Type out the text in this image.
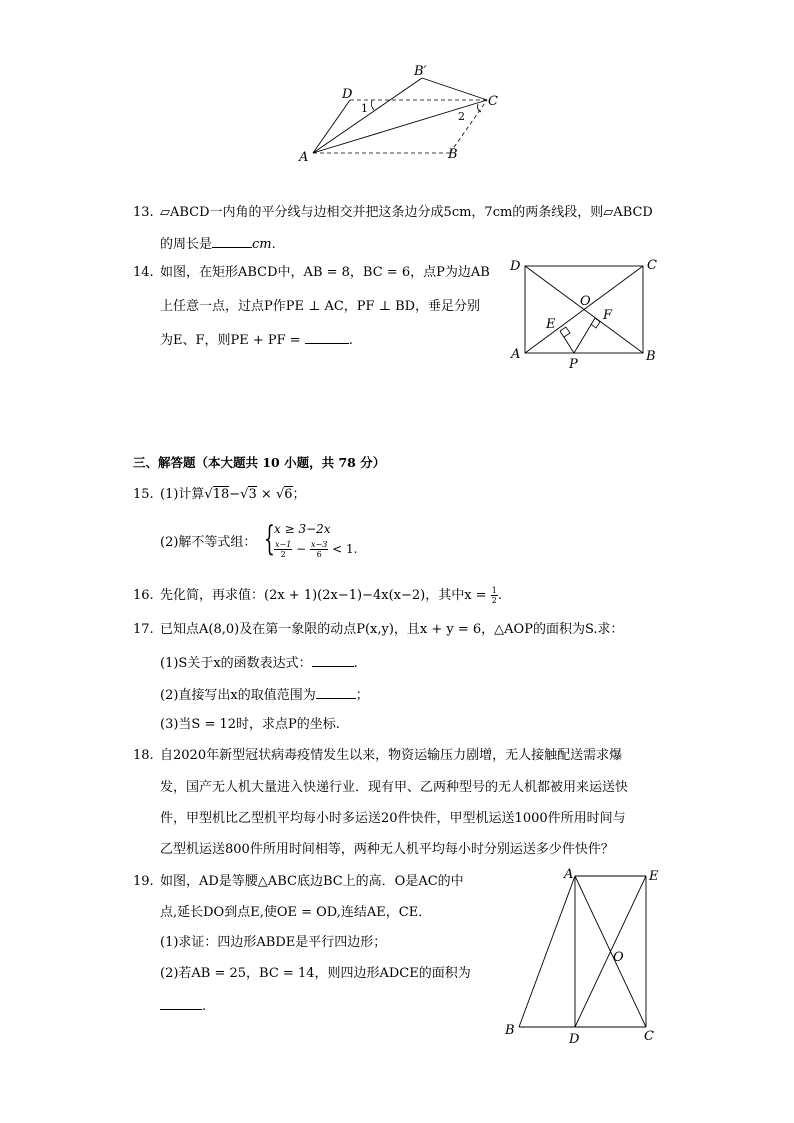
D
B′
C
A	B
1
2
13. ▱ABCD一内角的平分线与边相交并把这条边分成5cm，7cm的两条线段，则▱ABCD
的周长是	cm.
14. 如图，在矩形ABCD中，AB = 8，BC = 6，点P为边AB
上任意一点，过点P作PE ⊥ AC，PF ⊥ BD，垂足分别
为E、F，则PE + PF =	.
D	C
O
E
F
A	B
P
三、解答题（本大题共 10 小题，共 78 分）
15. (1)计算√18−√3 × √6；
(2)解不等式组： { x ≥ 3−2x
$\frac{x-1}{2} - \frac{x-3}{6} < 1$.
16. 先化简，再求值：(2x + 1)(2x−1)−4x(x−2)，其中$x = \frac{1}{2}$ .
17. 已知点A(8,0)及在第一象限的动点P(x,y)，且x + y = 6，△AOP的面积为S.求：
(1)S关于x的函数表达式：	.
(2)直接写出x的取值范围为	；
(3)当S = 12时，求点P的坐标.
18. 自2020年新型冠状病毒疫情发生以来，物资运输压力剧增，无人接触配送需求爆
发，国产无人机大量进入快递行业．现有甲、乙两种型号的无人机都被用来运送快
件，甲型机比乙型机平均每小时多运送20件快件，甲型机运送1000件所用时间与
乙型机运送800件所用时间相等，两种无人机平均每小时分别运送多少件快件？
19. 如图，AD是等腰△ABC底边BC上的高．O是AC的中
点,延长DO到点E,使OE = OD,连结AE，CE．
(1)求证：四边形ABDE是平行四边形；
(2)若AB = 25，BC = 14，则四边形ADCE的面积为
.
A	E
O
B
D	C
